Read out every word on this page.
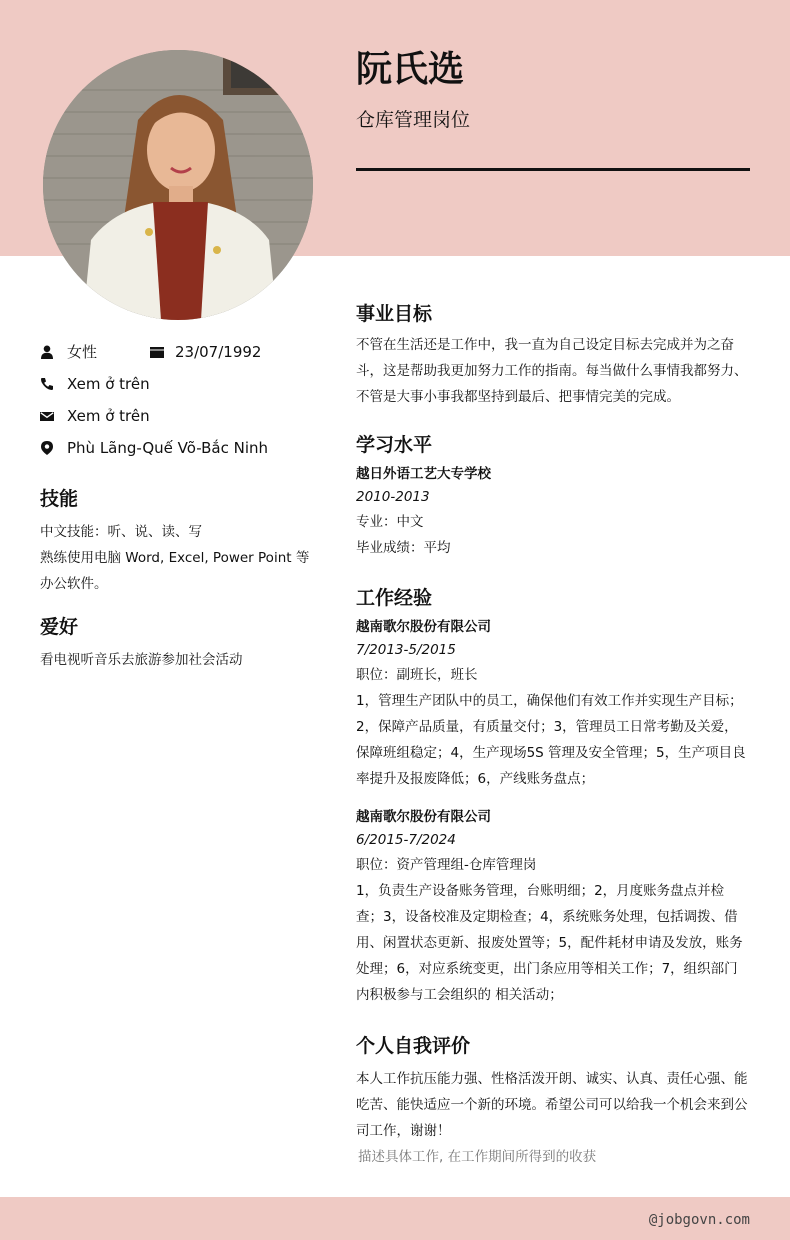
阮氏选
仓库管理岗位
女性	23/07/1992
Xem ở trên
Xem ở trên
Phù Lãng-Quế Võ-Bắc Ninh
技能

中文技能：听、说、读、写
熟练使用电脑 Word, Excel, Power Point 等办公软件。

爱好

看电视听音乐去旅游参加社会活动

事业目标

不管在生活还是工作中，我一直为自己设定目标去完成并为之奋斗，这是帮助我更加努力工作的指南。每当做什么事情我都努力、不管是大事小事我都坚持到最后、把事情完美的完成。

学习水平

越日外语工艺大专学校

2010-2013

专业：中文

毕业成绩：平均

工作经验

越南歌尔股份有限公司

7/2013-5/2015

职位：副班长，班长

1，管理生产团队中的员工，确保他们有效工作并实现生产目标；2，保障产品质量，有质量交付；3，管理员工日常考勤及关爱，保障班组稳定；4，生产现场5S 管理及安全管理；5，生产项目良率提升及报废降低；6，产线账务盘点；

越南歌尔股份有限公司

6/2015-7/2024

职位：资产管理组-仓库管理岗

1，负责生产设备账务管理，台账明细；2，月度账务盘点并检查；3，设备校准及定期检查；4，系统账务处理，包括调拨、借用、闲置状态更新、报废处置等；5，配件耗材申请及发放，账务处理；6，对应系统变更，出门条应用等相关工作；7，组织部门内积极参与工会组织的 相关活动；

个人自我评价

本人工作抗压能力强、性格活泼开朗、诚实、认真、责任心强、能吃苦、能快适应一个新的环境。希望公司可以给我一个机会来到公司工作，谢谢！

描述具体工作, 在工作期间所得到的收获

@jobgovn.com
